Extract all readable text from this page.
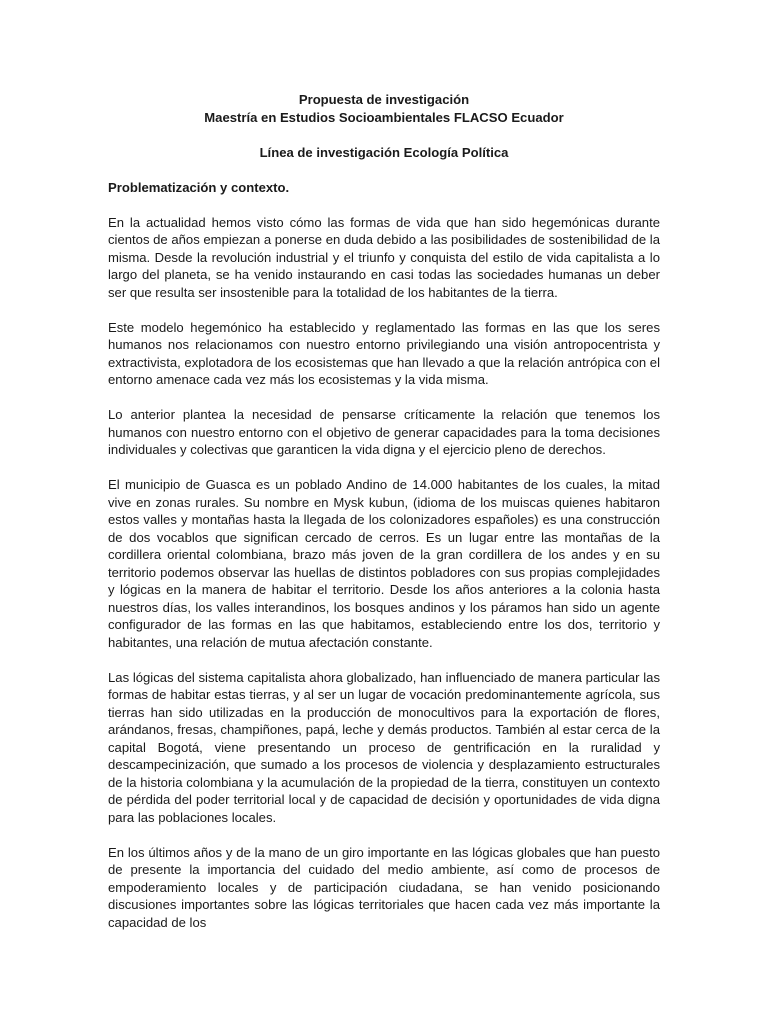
Propuesta de investigación

Maestría en Estudios Socioambientales FLACSO Ecuador

Línea de investigación Ecología Política

Problematización y contexto.

En la actualidad hemos visto cómo las formas de vida que han sido hegemónicas durante cientos de años empiezan a ponerse en duda debido a las posibilidades de sostenibilidad de la misma. Desde la revolución industrial y el triunfo y conquista del estilo de vida capitalista a lo largo del planeta, se ha venido instaurando en casi todas las sociedades humanas un deber ser que resulta ser insostenible para la totalidad de los habitantes de la tierra.

Este modelo hegemónico ha establecido y reglamentado las formas en las que los seres humanos nos relacionamos con nuestro entorno privilegiando una visión antropocentrista y extractivista, explotadora de los ecosistemas que han llevado a que la relación antrópica con el entorno amenace cada vez más los ecosistemas y la vida misma.

Lo anterior plantea la necesidad de pensarse críticamente la relación que tenemos los humanos con nuestro entorno con el objetivo de generar capacidades para la toma decisiones individuales y colectivas que garanticen la vida digna y el ejercicio pleno de derechos.

El municipio de Guasca es un poblado Andino de 14.000 habitantes de los cuales, la mitad vive en zonas rurales. Su nombre en Mysk kubun, (idioma de los muiscas quienes habitaron estos valles y montañas hasta la llegada de los colonizadores españoles) es una construcción de dos vocablos que significan cercado de cerros. Es un lugar entre las montañas de la cordillera oriental colombiana, brazo más joven de la gran cordillera de los andes y en su territorio podemos observar las huellas de distintos pobladores con sus propias complejidades y lógicas en la manera de habitar el territorio. Desde los años anteriores a la colonia hasta nuestros días, los valles interandinos, los bosques andinos y los páramos han sido un agente configurador de las formas en las que habitamos, estableciendo entre los dos, territorio y habitantes, una relación de mutua afectación constante.

Las lógicas del sistema capitalista ahora globalizado, han influenciado de manera particular las formas de habitar estas tierras, y al ser un lugar de vocación predominantemente agrícola, sus tierras han sido utilizadas en la producción de monocultivos para la exportación de flores, arándanos, fresas, champiñones, papá, leche y demás productos. También al estar cerca de la capital Bogotá, viene presentando un proceso de gentrificación en la ruralidad y descampecinización, que sumado a los procesos de violencia y desplazamiento estructurales de la historia colombiana y la acumulación de la propiedad de la tierra, constituyen un contexto de pérdida del poder territorial local y de capacidad de decisión y oportunidades de vida digna para las poblaciones locales.

En los últimos años y de la mano de un giro importante en las lógicas globales que han puesto de presente la importancia del cuidado del medio ambiente, así como de procesos de empoderamiento locales y de participación ciudadana, se han venido posicionando discusiones importantes sobre las lógicas territoriales que hacen cada vez más importante la capacidad de los
